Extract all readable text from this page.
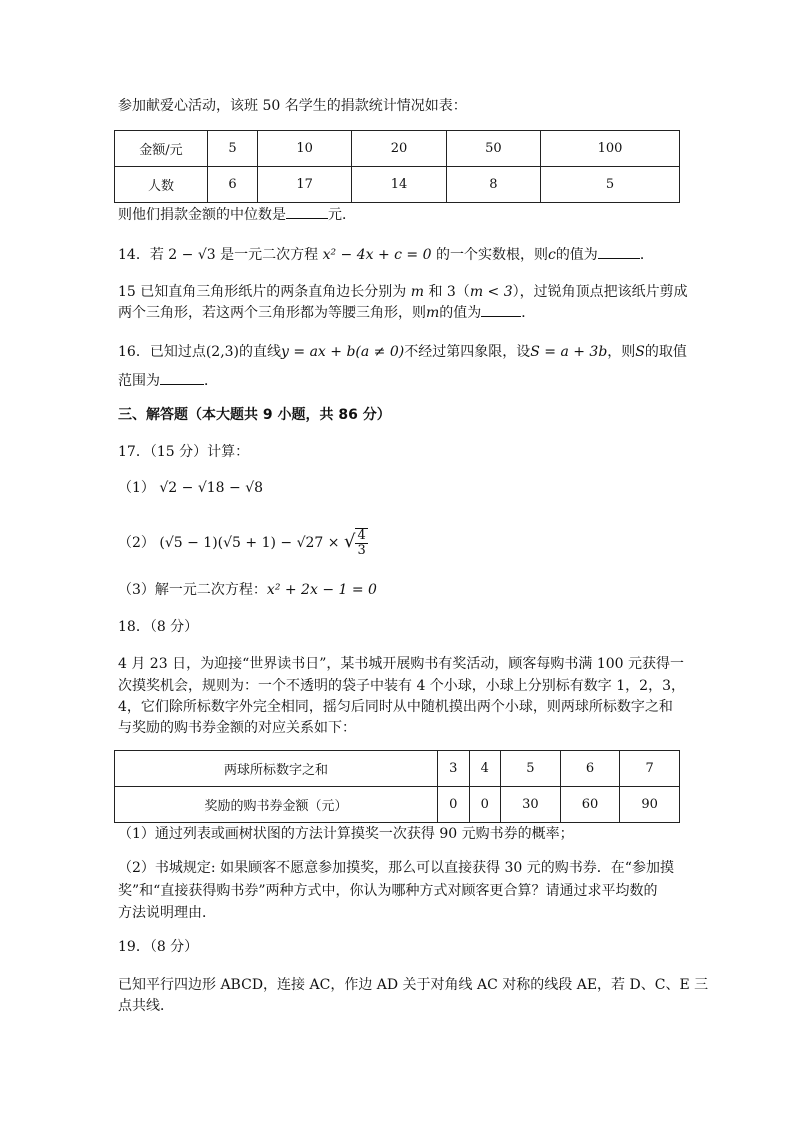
参加献爱心活动，该班 50 名学生的捐款统计情况如表：
金额/元	5	10	20	50	100
人数	6	17	14	8	5
则他们捐款金额的中位数是	元．
14．若 2 − √3 是一元二次方程 x² − 4x + c = 0 的一个实数根，则c的值为	．
15 已知直角三角形纸片的两条直角边长分别为 m 和 3（m < 3），过锐角顶点把该纸片剪成
两个三角形，若这两个三角形都为等腰三角形，则m的值为	．
16．已知过点(2,3)的直线y = ax + b(a ≠ 0)不经过第四象限，设S = a + 3b，则S的取值
范围为	．
三、解答题（本大题共 9 小题，共 86 分）
17．（15 分）计算：
（1） √2 − √18 − √8
（2） (√5 − 1)(√5 + 1) − √27 × √ $\frac{4}{3}$
（3）解一元二次方程：x² + 2x − 1 = 0
18．（8 分）
4 月 23 日，为迎接“世界读书日”，某书城开展购书有奖活动，顾客每购书满 100 元获得一
次摸奖机会，规则为：一个不透明的袋子中装有 4 个小球，小球上分别标有数字 1，2，3，
4，它们除所标数字外完全相同，摇匀后同时从中随机摸出两个小球，则两球所标数字之和
与奖励的购书券金额的对应关系如下：
两球所标数字之和	3	4	5	6	7
奖励的购书券金额（元）	0	0	30	60	90
（1）通过列表或画树状图的方法计算摸奖一次获得 90 元购书券的概率；
（2）书城规定: 如果顾客不愿意参加摸奖，那么可以直接获得 30 元的购书券．在“参加摸
奖”和“直接获得购书券”两种方式中，你认为哪种方式对顾客更合算？请通过求平均数的
方法说明理由．
19．（8 分）
已知平行四边形 ABCD，连接 AC，作边 AD 关于对角线 AC 对称的线段 AE，若 D、C、E 三
点共线．
